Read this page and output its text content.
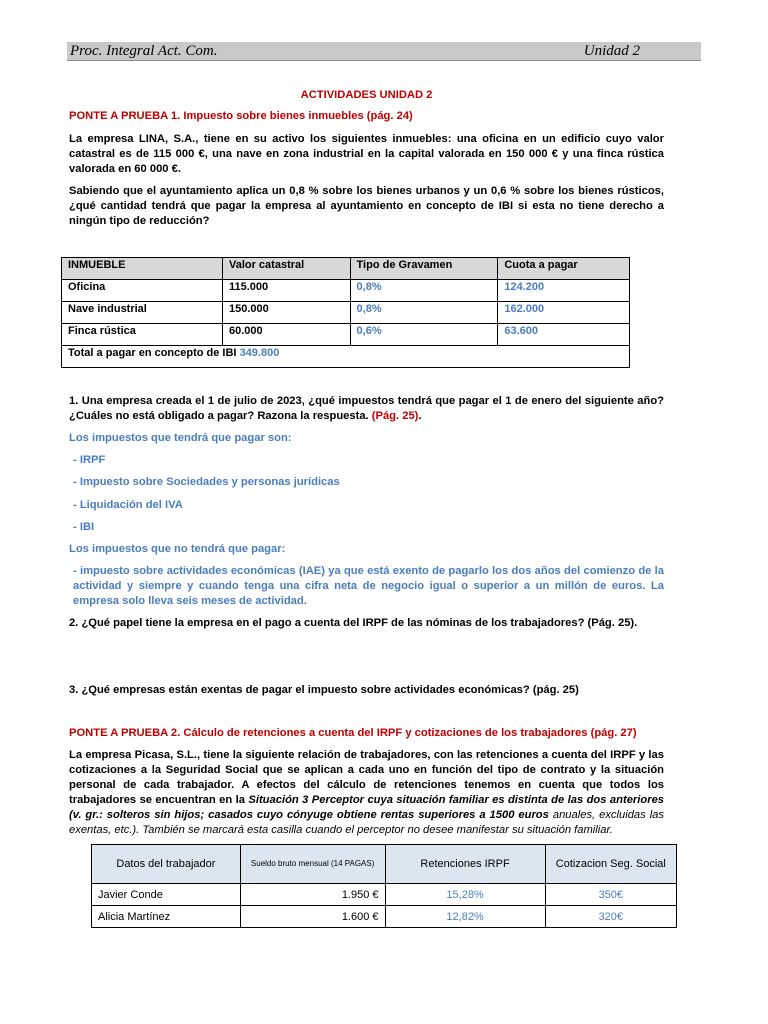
Proc. Integral Act. Com.	Unidad 2
ACTIVIDADES UNIDAD 2
PONTE A PRUEBA 1. Impuesto sobre bienes inmuebles (pág. 24)
La empresa LINA, S.A., tiene en su activo los siguientes inmuebles: una oficina en un edificio cuyo valor catastral es de 115 000 €, una nave en zona industrial en la capital valorada en 150 000 € y una finca rústica valorada en 60 000 €.
Sabiendo que el ayuntamiento aplica un 0,8 % sobre los bienes urbanos y un 0,6 % sobre los bienes rústicos, ¿qué cantidad tendrá que pagar la empresa al ayuntamiento en concepto de IBI si esta no tiene derecho a ningún tipo de reducción?
INMUEBLE	Valor catastral	Tipo de Gravamen	Cuota a pagar
Oficina	115.000	0,8%	124.200
Nave industrial	150.000	0,8%	162.000
Finca rústica	60.000	0,6%	63.600
Total a pagar en concepto de IBI 349.800			
1. Una empresa creada el 1 de julio de 2023, ¿qué impuestos tendrá que pagar el 1 de enero del siguiente año? ¿Cuáles no está obligado a pagar? Razona la respuesta. (Pág. 25).
Los impuestos que tendrá que pagar son:
- IRPF
- Impuesto sobre Sociedades y personas jurídicas
- Liquidación del IVA
- IBI
Los impuestos que no tendrá que pagar:
- impuesto sobre actividades económicas (IAE) ya que está exento de pagarlo los dos años del comienzo de la actividad y siempre y cuando tenga una cifra neta de negocio igual o superior a un millón de euros. La empresa solo lleva seis meses de actividad.
2. ¿Qué papel tiene la empresa en el pago a cuenta del IRPF de las nóminas de los trabajadores? (Pág. 25).
3. ¿Qué empresas están exentas de pagar el impuesto sobre actividades económicas? (pág. 25)
PONTE A PRUEBA 2. Cálculo de retenciones a cuenta del IRPF y cotizaciones de los trabajadores (pág. 27)
La empresa Picasa, S.L., tiene la siguiente relación de trabajadores, con las retenciones a cuenta del IRPF y las cotizaciones a la Seguridad Social que se aplican a cada uno en función del tipo de contrato y la situación personal de cada trabajador. A efectos del cálculo de retenciones tenemos en cuenta que todos los trabajadores se encuentran en la Situación 3 Perceptor cuya situación familiar es distinta de las dos anteriores (v. gr.: solteros sin hijos; casados cuyo cónyuge obtiene rentas superiores a 1500 euros anuales, excluidas las exentas, etc.). También se marcará esta casilla cuando el perceptor no desee manifestar su situación familiar.
Datos del trabajador	Sueldo bruto mensual (14 PAGAS)	Retenciones IRPF	Cotizacion Seg. Social
Javier Conde	1.950 €	15,28%	350€
Alicia Martínez	1.600 €	12,82%	320€
